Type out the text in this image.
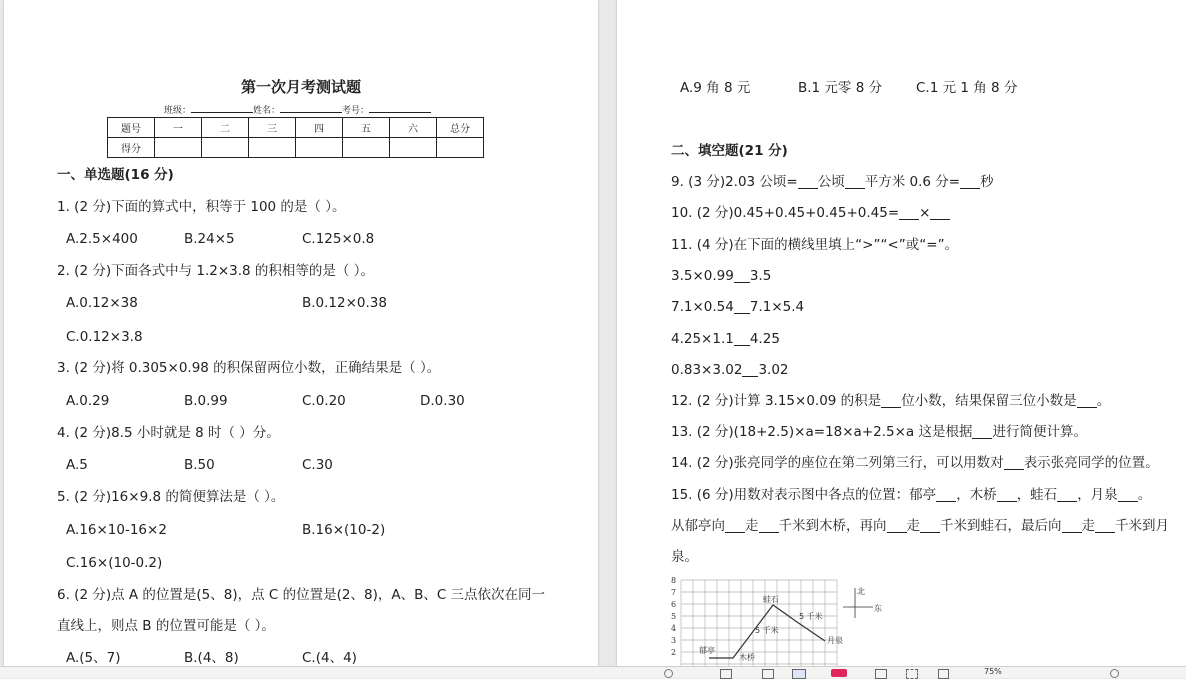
第一次月考测试题
班级：	姓名：	考号：
题号	一	二	三	四	五	六	总分
得分							
一、单选题(16 分)
1. (2 分)下面的算式中，积等于 100 的是（ ）。
A.2.5×400	B.24×5	C.125×0.8
2. (2 分)下面各式中与 1.2×3.8 的积相等的是（ ）。
A.0.12×38	B.0.12×0.38
C.0.12×3.8
3. (2 分)将 0.305×0.98 的积保留两位小数，正确结果是（ ）。
A.0.29	B.0.99	C.0.20	D.0.30
4. (2 分)8.5 小时就是 8 时（ ）分。
A.5	B.50	C.30
5. (2 分)16×9.8 的简便算法是（ ）。
A.16×10-16×2	B.16×(10-2)
C.16×(10-0.2)
6. (2 分)点 A 的位置是(5、8)，点 C 的位置是(2、8)，A、B、C 三点依次在同一
直线上，则点 B 的位置可能是（ ）。
A.(5、7)	B.(4、8)	C.(4、4)
A.9 角 8 元	B.1 元零 8 分	C.1 元 1 角 8 分
二、填空题(21 分)
9. (3 分)2.03 公顷= 公顷 平方米 0.6 分= 秒
10. (2 分)0.45+0.45+0.45+0.45= ×
11. (4 分)在下面的横线里填上“>”“<”或“=”。
3.5×0.99 3.5
7.1×0.54 7.1×5.4
4.25×1.1 4.25
0.83×3.02 3.02
12. (2 分)计算 3.15×0.09 的积是 位小数，结果保留三位小数是 。
13. (2 分)(18+2.5)×a=18×a+2.5×a 这是根据 进行简便计算。
14. (2 分)张亮同学的座位在第二列第三行，可以用数对 表示张亮同学的位置。
15. (6 分)用数对表示图中各点的位置：郁亭 ，木桥 ，蛙石 ，月泉 。
从郁亭向 走 千米到木桥，再向 走 千米到蛙石，最后向 走 千米到月
泉。
8
7
6
5
4
3
2
蛙石
郁亭
木桥
月泉
5 千米
5 千米
北
东
75%
